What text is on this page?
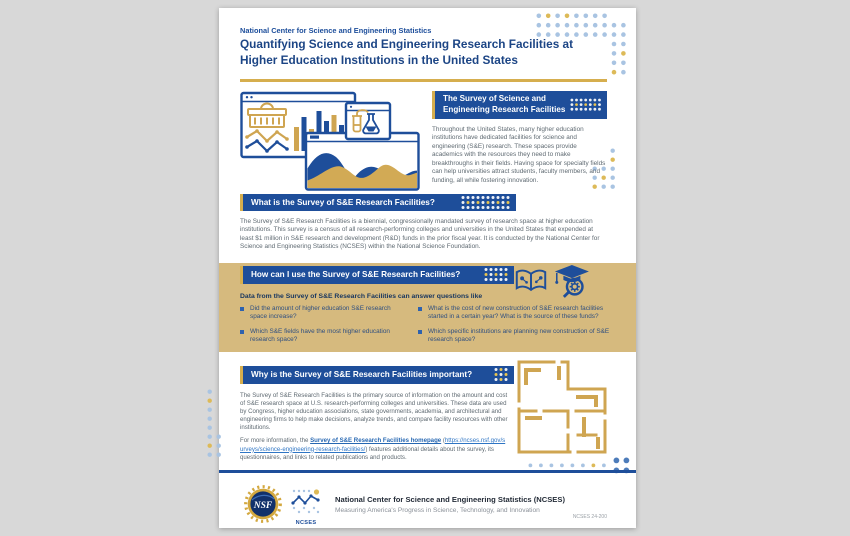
National Center for Science and Engineering Statistics
Quantifying Science and Engineering Research Facilities at Higher Education Institutions in the United States
The Survey of Science and
Engineering Research Facilities

Throughout the United States, many higher education institutions have dedicated facilities for science and engineering (S&E) research. These spaces provide academics with the resources they need to make breakthroughs in their fields. Having space for specialty fields can help universities attract students, faculty members, and funding, all while fostering innovation.

What is the Survey of S&E Research Facilities?

The Survey of S&E Research Facilities is a biennial, congressionally mandated survey of research space at higher education institutions. This survey is a census of all research-performing colleges and universities in the United States that expended at least $1 million in S&E research and development (R&D) funds in the prior fiscal year. It is conducted by the National Center for Science and Engineering Statistics (NCSES) within the National Science Foundation.

How can I use the Survey of S&E Research Facilities?
Data from the Survey of S&E Research Facilities can answer questions like
Did the amount of higher education S&E research space increase?
What is the cost of new construction of S&E research facilities started in a certain year? What is the source of these funds?
Which S&E fields have the most higher education research space?
Which specific institutions are planning new construction of S&E research space?
Why is the Survey of S&E Research Facilities important?

The Survey of S&E Research Facilities is the primary source of information on the amount and cost of S&E research space at U.S. research-performing colleges and universities. These data are used by Congress, higher education associations, state governments, academia, and architectural and engineering firms to help make decisions, analyze trends, and compare facility resources with other institutions.

For more information, the Survey of S&E Research Facilities homepage (https://ncses.nsf.gov/surveys/science-engineering-research-facilities/) features additional details about the survey, its questionnaires, and links to related publications and products.

NSF
NCSES
National Center for Science and Engineering Statistics (NCSES)
Measuring America's Progress in Science, Technology, and Innovation
NCSES 24-200
